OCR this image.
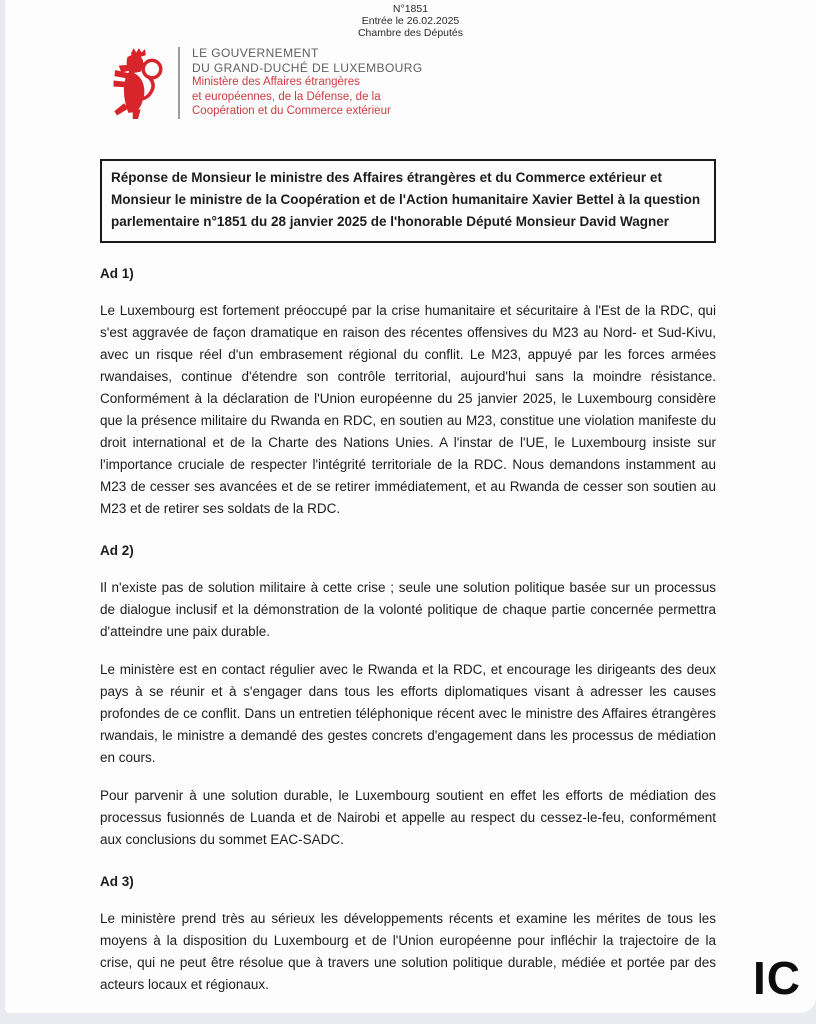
N°1851
Entrée le 26.02.2025
Chambre des Députés
LE GOUVERNEMENT
DU GRAND-DUCHÉ DE LUXEMBOURG
Ministère des Affaires étrangères
et européennes, de la Défense, de la
Coopération et du Commerce extérieur
Réponse de Monsieur le ministre des Affaires étrangères et du Commerce extérieur et Monsieur le ministre de la Coopération et de l'Action humanitaire Xavier Bettel à la question parlementaire n°1851 du 28 janvier 2025 de l'honorable Député Monsieur David Wagner
Ad 1)

Le Luxembourg est fortement préoccupé par la crise humanitaire et sécuritaire à l'Est de la RDC, qui s'est aggravée de façon dramatique en raison des récentes offensives du M23 au Nord- et Sud-Kivu, avec un risque réel d'un embrasement régional du conflit. Le M23, appuyé par les forces armées rwandaises, continue d'étendre son contrôle territorial, aujourd'hui sans la moindre résistance. Conformément à la déclaration de l'Union européenne du 25 janvier 2025, le Luxembourg considère que la présence militaire du Rwanda en RDC, en soutien au M23, constitue une violation manifeste du droit international et de la Charte des Nations Unies. A l'instar de l'UE, le Luxembourg insiste sur l'importance cruciale de respecter l'intégrité territoriale de la RDC. Nous demandons instamment au M23 de cesser ses avancées et de se retirer immédiatement, et au Rwanda de cesser son soutien au M23 et de retirer ses soldats de la RDC.

Ad 2)

Il n'existe pas de solution militaire à cette crise ; seule une solution politique basée sur un processus de dialogue inclusif et la démonstration de la volonté politique de chaque partie concernée permettra d'atteindre une paix durable.

Le ministère est en contact régulier avec le Rwanda et la RDC, et encourage les dirigeants des deux pays à se réunir et à s'engager dans tous les efforts diplomatiques visant à adresser les causes profondes de ce conflit. Dans un entretien téléphonique récent avec le ministre des Affaires étrangères rwandais, le ministre a demandé des gestes concrets d'engagement dans les processus de médiation en cours.

Pour parvenir à une solution durable, le Luxembourg soutient en effet les efforts de médiation des processus fusionnés de Luanda et de Nairobi et appelle au respect du cessez-le-feu, conformément aux conclusions du sommet EAC-SADC.

Ad 3)

Le ministère prend très au sérieux les développements récents et examine les mérites de tous les moyens à la disposition du Luxembourg et de l'Union européenne pour infléchir la trajectoire de la crise, qui ne peut être résolue que à travers une solution politique durable, médiée et portée par des acteurs locaux et régionaux.	IC
